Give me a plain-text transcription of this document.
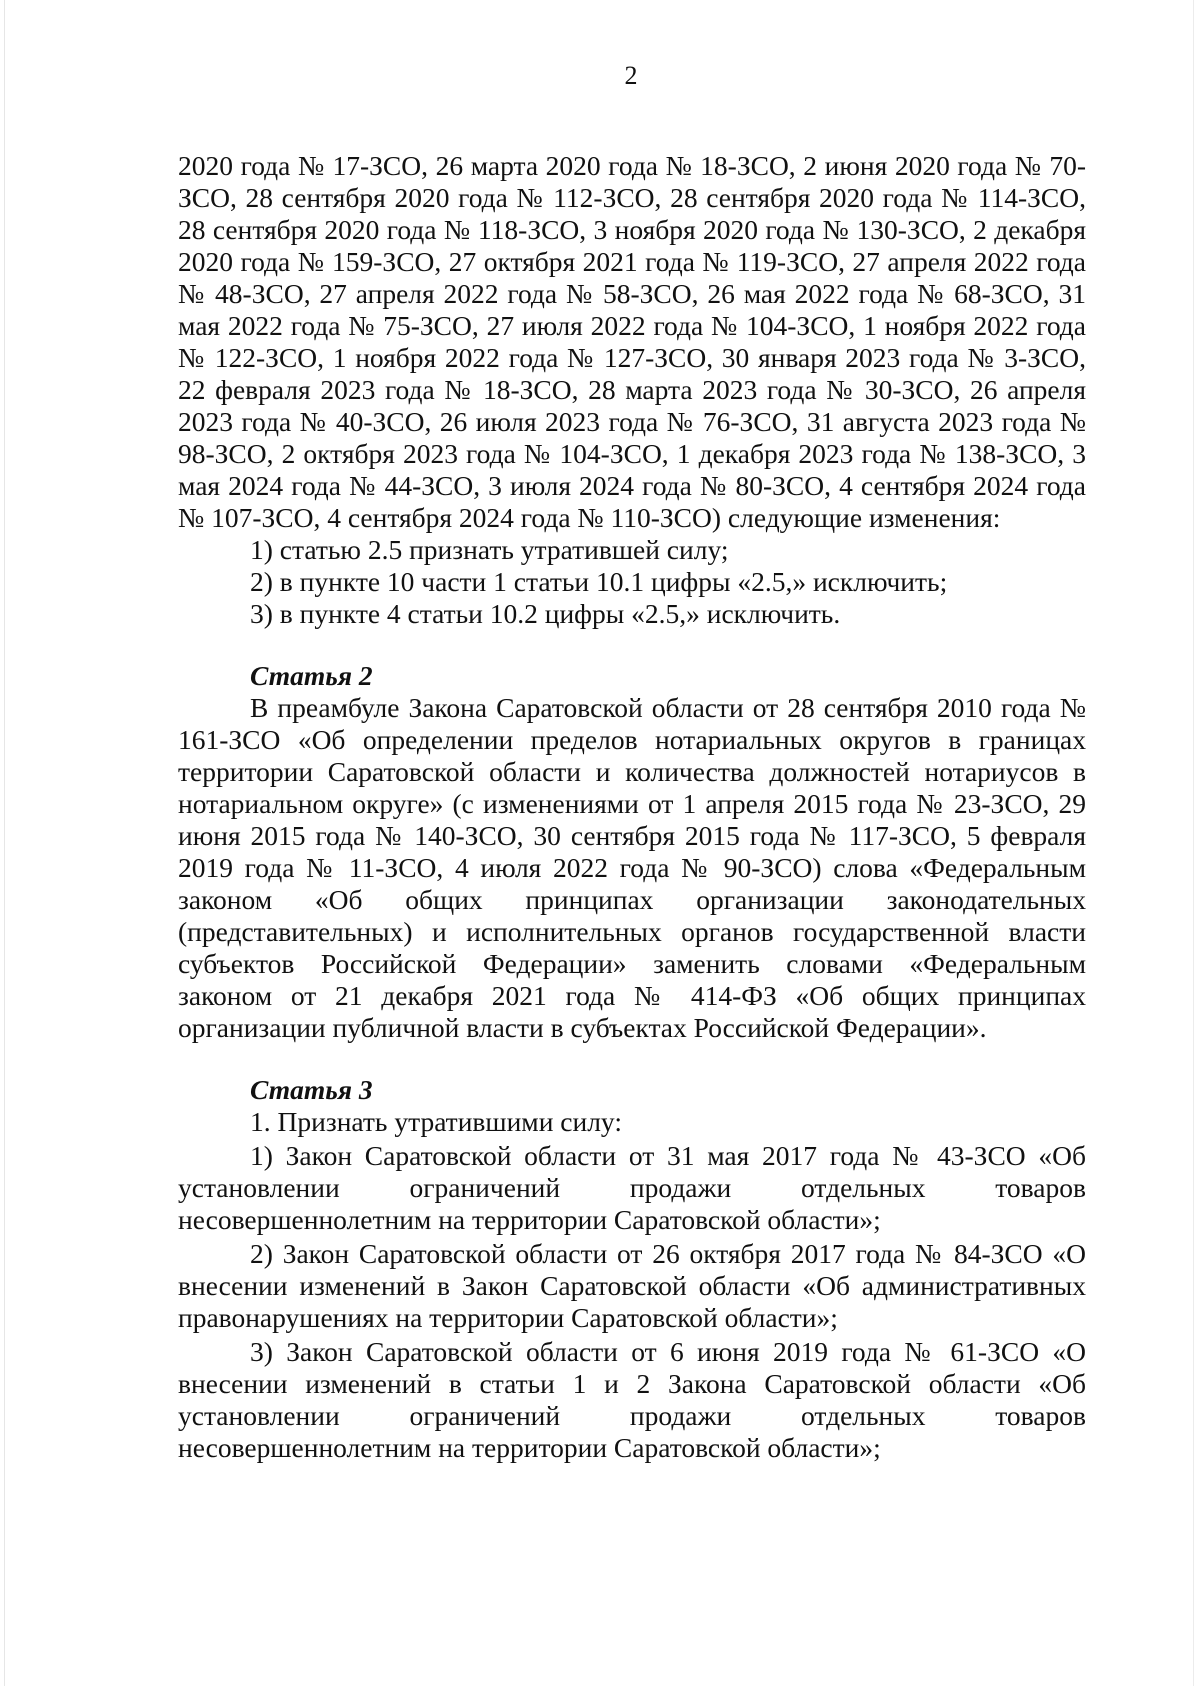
2

2020 года № 17-ЗСО, 26 марта 2020 года № 18-ЗСО, 2 июня 2020 года № 70-ЗСО, 28 сентября 2020 года № 112-ЗСО, 28 сентября 2020 года № 114-ЗСО, 28 сентября 2020 года № 118-ЗСО, 3 ноября 2020 года № 130-ЗСО, 2 декабря 2020 года № 159-ЗСО, 27 октября 2021 года № 119-ЗСО, 27 апреля 2022 года № 48-ЗСО, 27 апреля 2022 года № 58-ЗСО, 26 мая 2022 года № 68-ЗСО, 31 мая 2022 года № 75-ЗСО, 27 июля 2022 года № 104-ЗСО, 1 ноября 2022 года № 122-ЗСО, 1 ноября 2022 года № 127-ЗСО, 30 января 2023 года № 3-ЗСО, 22 февраля 2023 года № 18-ЗСО, 28 марта 2023 года № 30-ЗСО, 26 апреля 2023 года № 40-ЗСО, 26 июля 2023 года № 76-ЗСО, 31 августа 2023 года № 98-ЗСО, 2 октября 2023 года № 104-ЗСО, 1 декабря 2023 года № 138-ЗСО, 3 мая 2024 года № 44-ЗСО, 3 июля 2024 года № 80-ЗСО, 4 сентября 2024 года № 107-ЗСО, 4 сентября 2024 года № 110-ЗСО) следующие изменения:

1) статью 2.5 признать утратившей силу;

2) в пункте 10 части 1 статьи 10.1 цифры «2.5,» исключить;

3) в пункте 4 статьи 10.2 цифры «2.5,» исключить.

Статья 2

В преамбуле Закона Саратовской области от 28 сентября 2010 года № 161-ЗСО «Об определении пределов нотариальных округов в границах территории Саратовской области и количества должностей нотариусов в нотариальном округе» (с изменениями от 1 апреля 2015 года № 23-ЗСО, 29 июня 2015 года № 140-ЗСО, 30 сентября 2015 года № 117-ЗСО, 5 февраля 2019 года № 11-ЗСО, 4 июля 2022 года № 90-ЗСО) слова «Федеральным законом «Об общих принципах организации законодательных (представительных) и исполнительных органов государственной власти субъектов Российской Федерации» заменить словами «Федеральным законом от 21 декабря 2021 года № 414-ФЗ «Об общих принципах организации публичной власти в субъектах Российской Федерации».

Статья 3

1. Признать утратившими силу:

1) Закон Саратовской области от 31 мая 2017 года № 43-ЗСО «Об установлении ограничений продажи отдельных товаров несовершеннолетним на территории Саратовской области»;

2) Закон Саратовской области от 26 октября 2017 года № 84-ЗСО «О внесении изменений в Закон Саратовской области «Об административных правонарушениях на территории Саратовской области»;

3) Закон Саратовской области от 6 июня 2019 года № 61-ЗСО «О внесении изменений в статьи 1 и 2 Закона Саратовской области «Об установлении ограничений продажи отдельных товаров несовершеннолетним на территории Саратовской области»;
